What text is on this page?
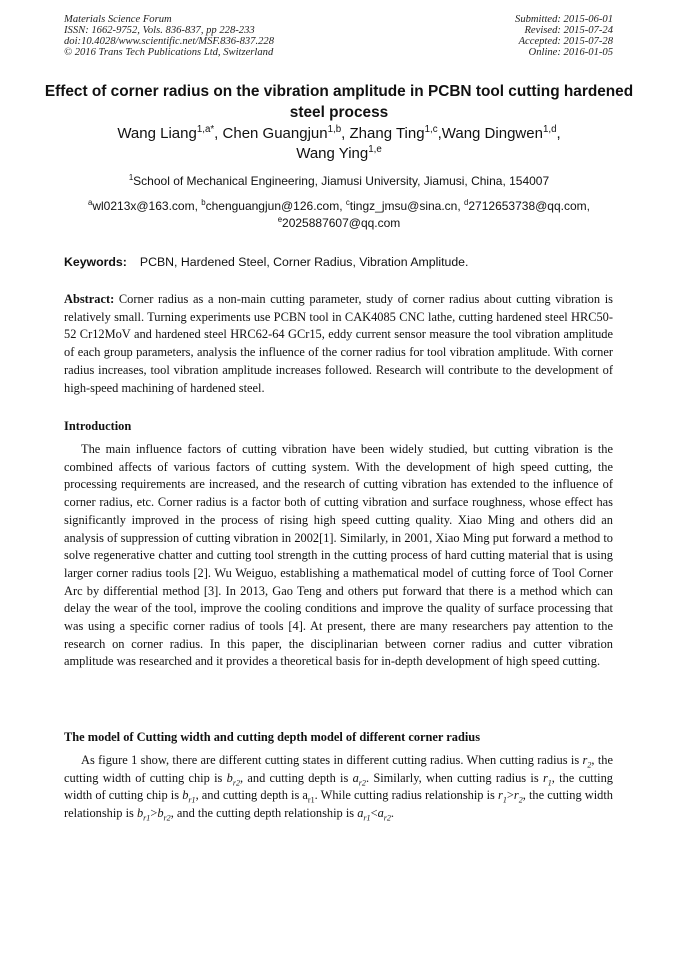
Materials Science Forum
ISSN: 1662-9752, Vols. 836-837, pp 228-233
doi:10.4028/www.scientific.net/MSF.836-837.228
© 2016 Trans Tech Publications Ltd, Switzerland
Submitted: 2015-06-01
Revised: 2015-07-24
Accepted: 2015-07-28
Online: 2016-01-05
Effect of corner radius on the vibration amplitude in PCBN tool cutting hardened steel process
Wang Liang$^{1,a*}$, Chen Guangjun$^{1,b}$, Zhang Ting$^{1,c}$,Wang Dingwen$^{1,d}$,
Wang Ying$^{1,e}$
$^1$School of Mechanical Engineering, Jiamusi University, Jiamusi, China, 154007
$^a$wl0213x@163.com, $^b$chenguangjun@126.com, $^c$tingz_jmsu@sina.cn, $^d$2712653738@qq.com,
$^e$2025887607@qq.com
Keywords: PCBN, Hardened Steel, Corner Radius, Vibration Amplitude.

Abstract: Corner radius as a non-main cutting parameter, study of corner radius about cutting vibration is relatively small. Turning experiments use PCBN tool in CAK4085 CNC lathe, cutting hardened steel HRC50-52 Cr12MoV and hardened steel HRC62-64 GCr15, eddy current sensor measure the tool vibration amplitude of each group parameters, analysis the influence of the corner radius for tool vibration amplitude. With corner radius increases, tool vibration amplitude increases followed. Research will contribute to the development of high-speed machining of hardened steel.

Introduction

The main influence factors of cutting vibration have been widely studied, but cutting vibration is the combined affects of various factors of cutting system. With the development of high speed cutting, the processing requirements are increased, and the research of cutting vibration has extended to the influence of corner radius, etc. Corner radius is a factor both of cutting vibration and surface roughness, whose effect has significantly improved in the process of rising high speed cutting quality. Xiao Ming and others did an analysis of suppression of cutting vibration in 2002[1]. Similarly, in 2001, Xiao Ming put forward a method to solve regenerative chatter and cutting tool strength in the cutting process of hard cutting material that is using larger corner radius tools [2]. Wu Weiguo, establishing a mathematical model of cutting force of Tool Corner Arc by differential method [3]. In 2013, Gao Teng and others put forward that there is a method which can delay the wear of the tool, improve the cooling conditions and improve the quality of surface processing that was using a specific corner radius of tools [4]. At present, there are many researchers pay attention to the research on corner radius. In this paper, the disciplinarian between corner radius and cutter vibration amplitude was researched and it provides a theoretical basis for in-depth development of high speed cutting.

The model of Cutting width and cutting depth model of different corner radius

As figure 1 show, there are different cutting states in different cutting radius. When cutting radius is $r_2$, the cutting width of cutting chip is $b_{r2}$, and cutting depth is $a_{r2}$. Similarly, when cutting radius is $r_1$, the cutting width of cutting chip is $b_{r1}$, and cutting depth is $a_{r1}$. While cutting radius relationship is $r_1>r_2$, the cutting width relationship is $b_{r1}>b_{r2}$, and the cutting depth relationship is $a_{r1}<a_{r2}$.
